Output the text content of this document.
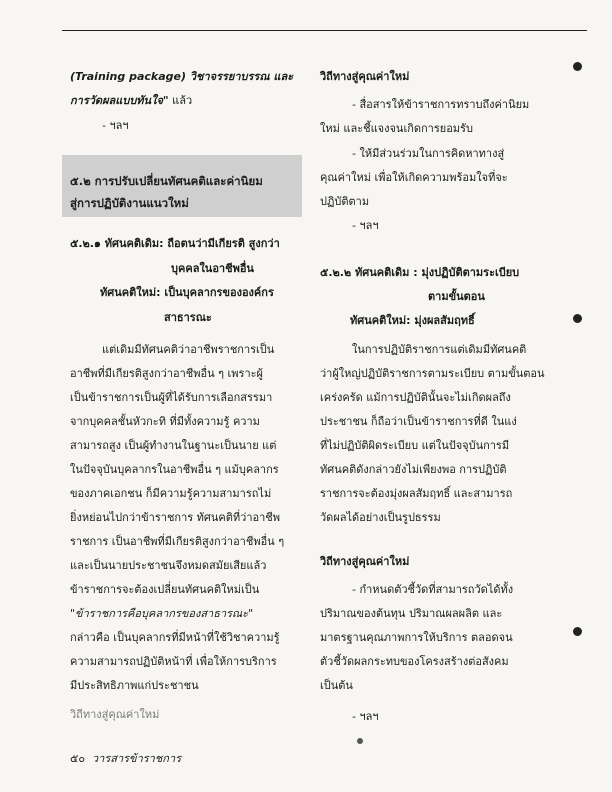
(Training package) วิชาจรรยาบรรณ และ
การวัดผลแบบทันใจ" แล้ว
- ฯลฯ
๕.๒ การปรับเปลี่ยนทัศนคติและค่านิยม
สู่การปฏิบัติงานแนวใหม่
๕.๒.๑ ทัศนคติเดิม: ถือตนว่ามีเกียรติ สูงกว่า
บุคคลในอาชีพอื่น
ทัศนคติใหม่: เป็นบุคลากรขององค์กร
สาธารณะ
แต่เดิมมีทัศนคติว่าอาชีพราชการเป็น
อาชีพที่มีเกียรติสูงกว่าอาชีพอื่น ๆ เพราะผู้
เป็นข้าราชการเป็นผู้ที่ได้รับการเลือกสรรมา
จากบุคคลชั้นหัวกะทิ ที่มีทั้งความรู้ ความ
สามารถสูง เป็นผู้ทำงานในฐานะเป็นนาย แต่
ในปัจจุบันบุคลากรในอาชีพอื่น ๆ แม้บุคลากร
ของภาคเอกชน ก็มีความรู้ความสามารถไม่
ยิ่งหย่อนไปกว่าข้าราชการ ทัศนคติที่ว่าอาชีพ
ราชการ เป็นอาชีพที่มีเกียรติสูงกว่าอาชีพอื่น ๆ
และเป็นนายประชาชนจึงหมดสมัยเสียแล้ว
ข้าราชการจะต้องเปลี่ยนทัศนคติใหม่เป็น
"ข้าราชการคือบุคลากรของสาธารณะ"
กล่าวคือ เป็นบุคลากรที่มีหน้าที่ใช้วิชาความรู้
ความสามารถปฏิบัติหน้าที่ เพื่อให้การบริการ
มีประสิทธิภาพแก่ประชาชน
วิถีทางสู่คุณค่าใหม่
วิถีทางสู่คุณค่าใหม่
- สื่อสารให้ข้าราชการทราบถึงค่านิยม
ใหม่ และชี้แจงจนเกิดการยอมรับ
- ให้มีส่วนร่วมในการคิดหาทางสู่
คุณค่าใหม่ เพื่อให้เกิดความพร้อมใจที่จะ
ปฏิบัติตาม
- ฯลฯ
๕.๒.๒ ทัศนคติเดิม : มุ่งปฏิบัติตามระเบียบ
ตามขั้นตอน
ทัศนคติใหม่: มุ่งผลสัมฤทธิ์
ในการปฏิบัติราชการแต่เดิมมีทัศนคติ
ว่าผู้ใหญ่ปฏิบัติราชการตามระเบียบ ตามขั้นตอน
เคร่งครัด แม้การปฏิบัตินั้นจะไม่เกิดผลถึง
ประชาชน ก็ถือว่าเป็นข้าราชการที่ดี ในแง่
ที่ไม่ปฏิบัติผิดระเบียบ แต่ในปัจจุบันการมี
ทัศนคติดังกล่าวยังไม่เพียงพอ การปฏิบัติ
ราชการจะต้องมุ่งผลสัมฤทธิ์ และสามารถ
วัดผลได้อย่างเป็นรูปธรรม
วิถีทางสู่คุณค่าใหม่
- กำหนดตัวชี้วัดที่สามารถวัดได้ทั้ง
ปริมาณของต้นทุน ปริมาณผลผลิต และ
มาตรฐานคุณภาพการให้บริการ ตลอดจน
ตัวชี้วัดผลกระทบของโครงสร้างต่อสังคม
เป็นต้น
- ฯลฯ
๕๐ วารสารข้าราชการ
